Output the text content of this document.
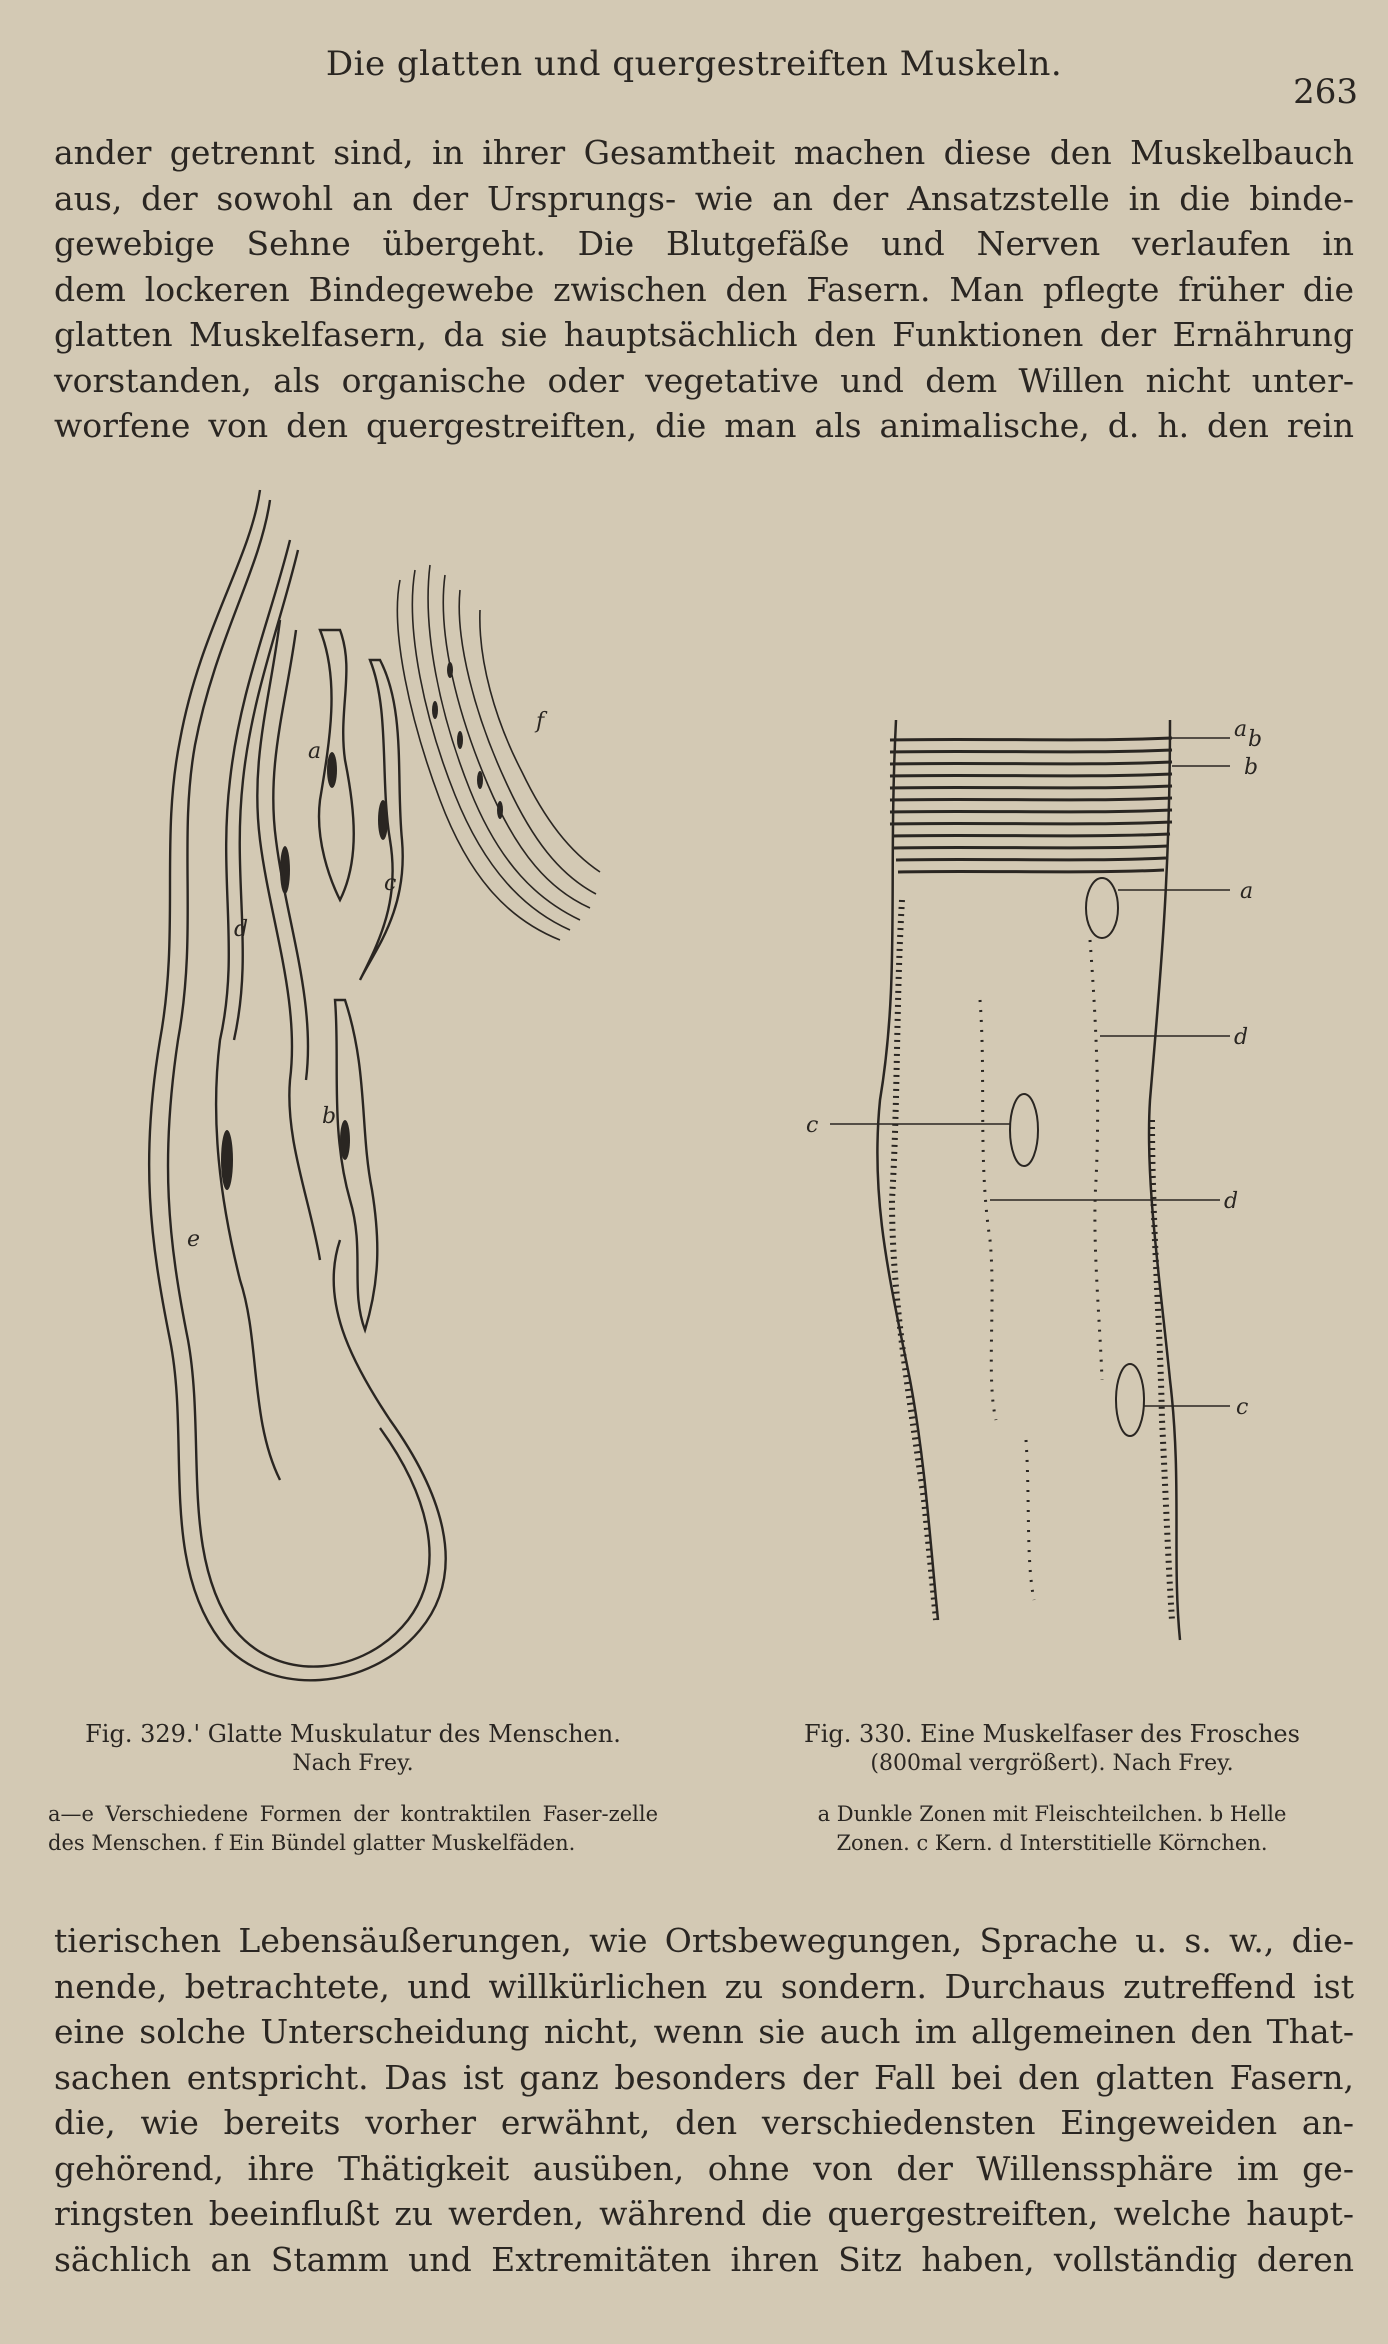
Die glatten und quergestreiften Muskeln.
263
ander getrennt sind, in ihrer Gesamtheit machen diese den Muskelbauch
aus, der sowohl an der Ursprungs- wie an der Ansatzstelle in die binde-
gewebige Sehne übergeht. Die Blutgefäße und Nerven verlaufen in
dem lockeren Bindegewebe zwischen den Fasern. Man pflegte früher die
glatten Muskelfasern, da sie hauptsächlich den Funktionen der Ernährung
vorstanden, als organische oder vegetative und dem Willen nicht unter-
worfene von den quergestreiften, die man als animalische, d. h. den rein
a
b
c
d
e
f	a b
b
a
d
c
d
c
Fig. 329.' Glatte Muskulatur des Menschen.
Nach Frey.
a—e Verschiedene Formen der kontraktilen Faser-zelle des Menschen. f Ein Bündel glatter Muskelfäden.
Fig. 330. Eine Muskelfaser des Frosches
(800mal vergrößert). Nach Frey.
a Dunkle Zonen mit Fleischteilchen. b Helle
Zonen. c Kern. d Interstitielle Körnchen.
tierischen Lebensäußerungen, wie Ortsbewegungen, Sprache u. s. w., die-
nende, betrachtete, und willkürlichen zu sondern. Durchaus zutreffend ist
eine solche Unterscheidung nicht, wenn sie auch im allgemeinen den That-
sachen entspricht. Das ist ganz besonders der Fall bei den glatten Fasern,
die, wie bereits vorher erwähnt, den verschiedensten Eingeweiden an-
gehörend, ihre Thätigkeit ausüben, ohne von der Willenssphäre im ge-
ringsten beeinflußt zu werden, während die quergestreiften, welche haupt-
sächlich an Stamm und Extremitäten ihren Sitz haben, vollständig deren
